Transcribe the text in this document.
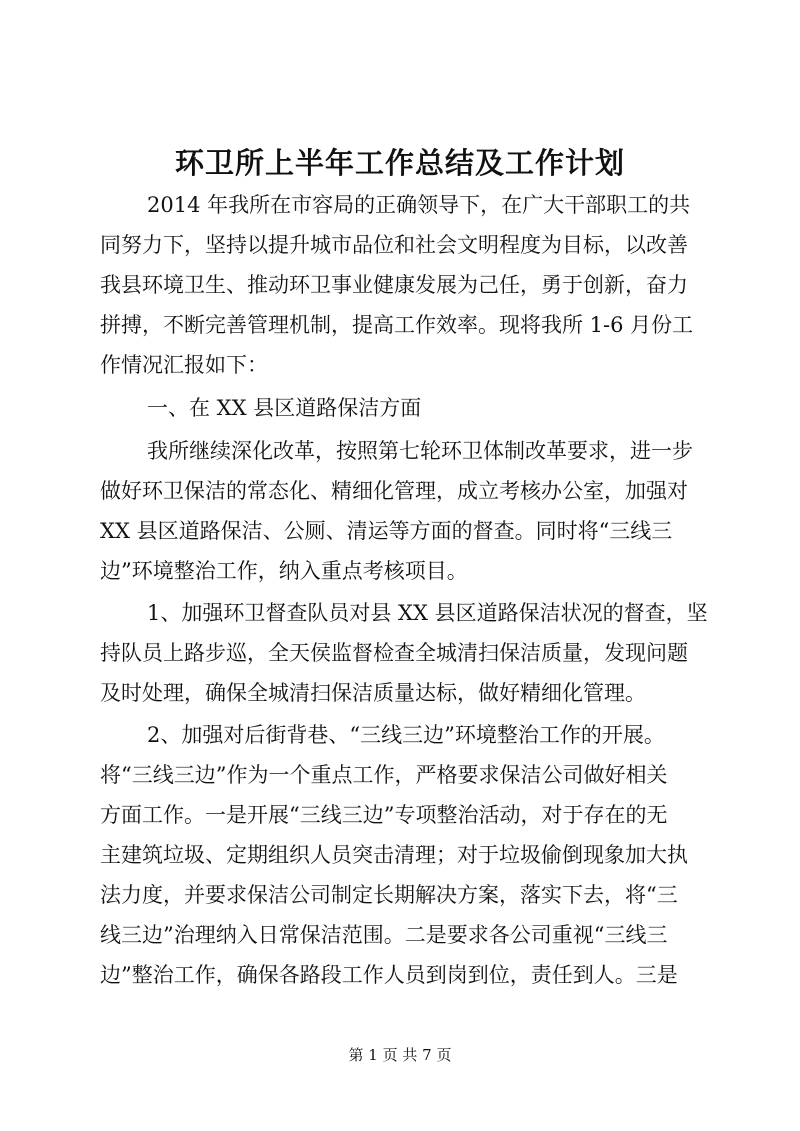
环卫所上半年工作总结及工作计划

2014 年我所在市容局的正确领导下，在广大干部职工的共

同努力下，坚持以提升城市品位和社会文明程度为目标，以改善

我县环境卫生、推动环卫事业健康发展为己任，勇于创新，奋力

拼搏，不断完善管理机制，提高工作效率。现将我所 1-6 月份工

作情况汇报如下：

一、在 XX 县区道路保洁方面

我所继续深化改革，按照第七轮环卫体制改革要求，进一步

做好环卫保洁的常态化、精细化管理，成立考核办公室，加强对

XX 县区道路保洁、公厕、清运等方面的督查。同时将“三线三

边”环境整治工作，纳入重点考核项目。

1、加强环卫督查队员对县 XX 县区道路保洁状况的督查，坚

持队员上路步巡，全天侯监督检查全城清扫保洁质量，发现问题

及时处理，确保全城清扫保洁质量达标，做好精细化管理。

2、加强对后街背巷、“三线三边”环境整治工作的开展。

将“三线三边”作为一个重点工作，严格要求保洁公司做好相关

方面工作。一是开展“三线三边”专项整治活动，对于存在的无

主建筑垃圾、定期组织人员突击清理；对于垃圾偷倒现象加大执

法力度，并要求保洁公司制定长期解决方案，落实下去，将“三

线三边”治理纳入日常保洁范围。二是要求各公司重视“三线三

边”整治工作，确保各路段工作人员到岗到位，责任到人。三是

第 1 页 共 7 页
